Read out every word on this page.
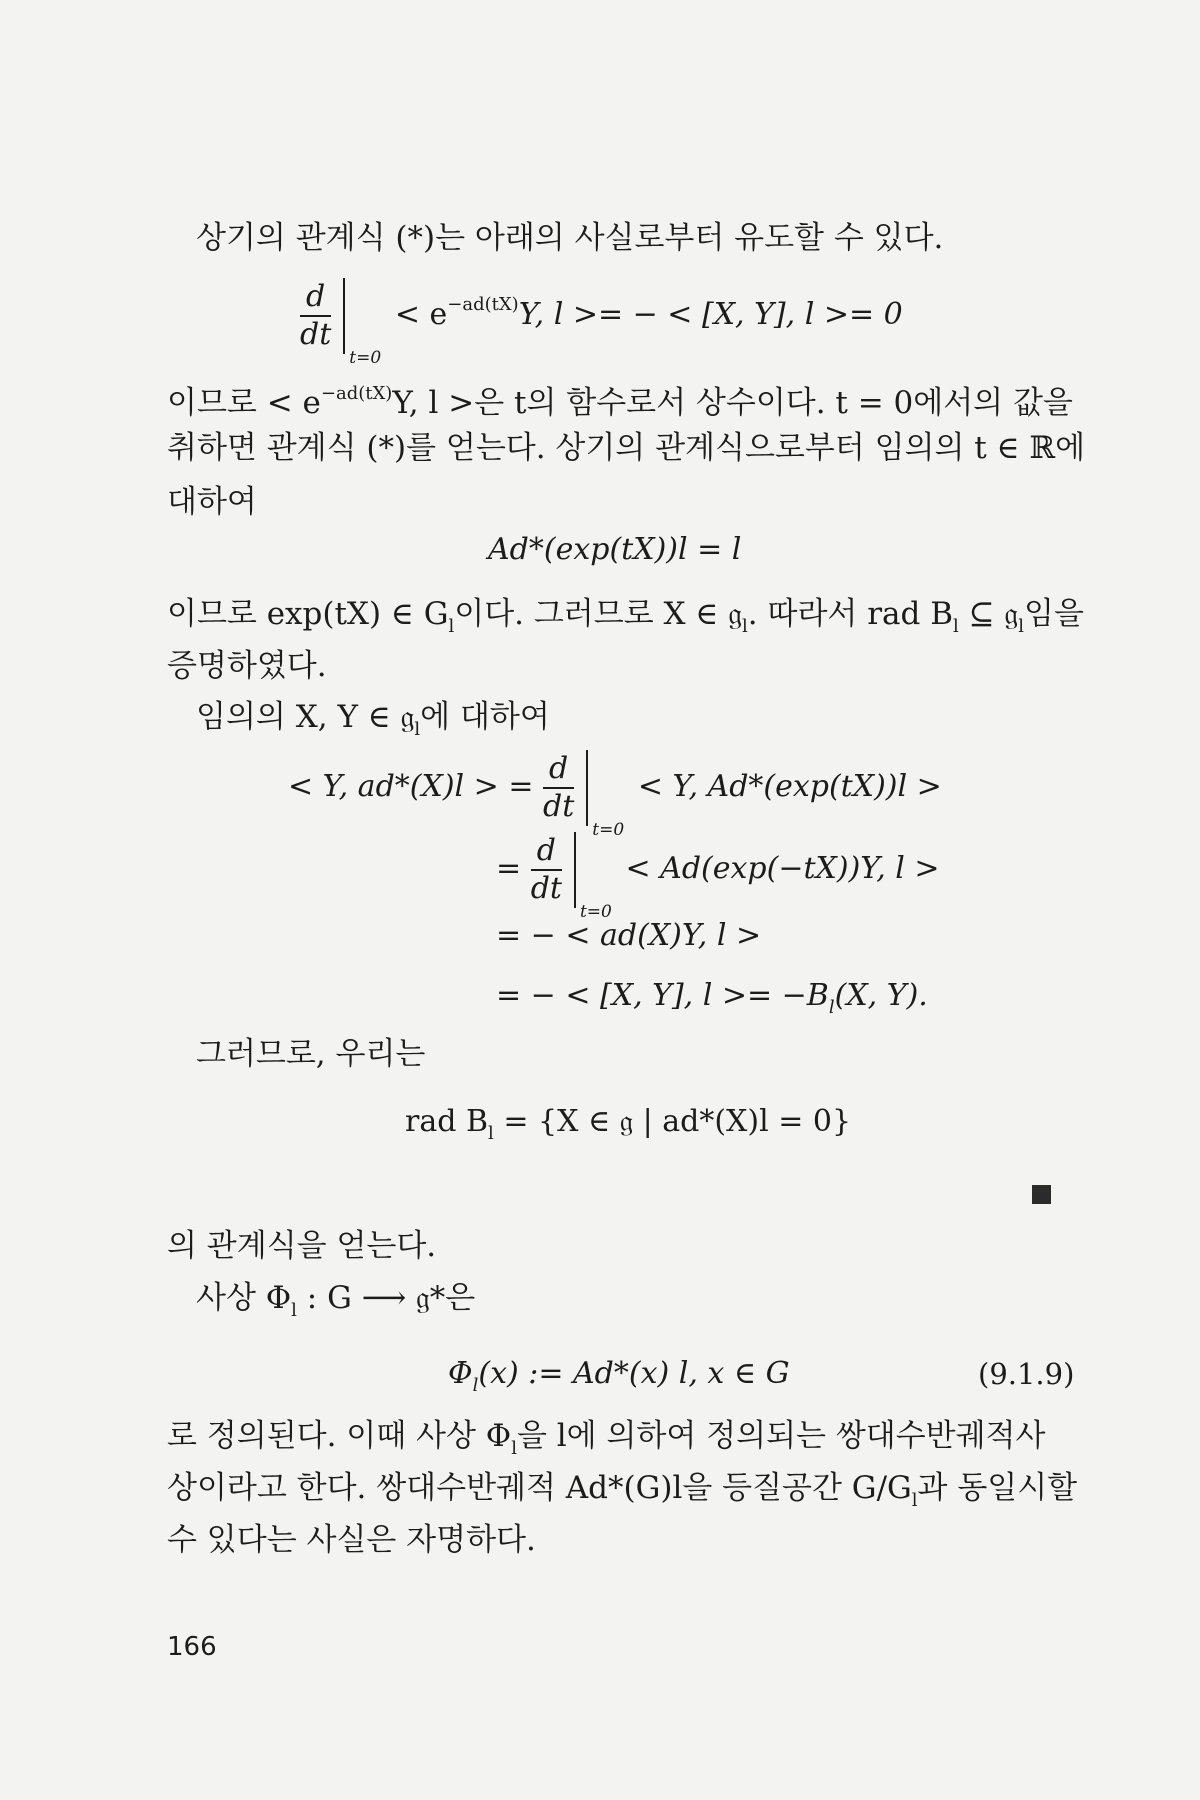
상기의 관계식 (*)는 아래의 사실로부터 유도할 수 있다.
$\frac{d}{dt}$
t=0
< $e^{-ad(tX)}Y$, l >= − < [X, Y], l >= 0
이므로 < $e^{-ad(tX)}Y$, l >은 t의 함수로서 상수이다. t = 0에서의 값을
취하면 관계식 (*)를 얻는다. 상기의 관계식으로부터 임의의 t ∈ ℝ에
대하여
Ad*(exp(tX))l = l
이므로 exp(tX) ∈ $G_l$이다. 그러므로 X ∈ 𝔤$_l$. 따라서 rad $B_l$ ⊆ 𝔤$_l$임을
증명하였다.
임의의 X, Y ∈ 𝔤$_l$에 대하여
< Y, ad*(X)l > = $\frac{d}{dt}$
t=0
< Y, Ad*(exp(tX))l >
= $\frac{d}{dt}$
t=0
< Ad(exp(−tX))Y, l >
= − < ad(X)Y, l >
= − < [X, Y], $l >= -B_l(X$, Y).
그러므로, 우리는
rad $B_l = \{X$ ∈ 𝔤 | ad*(X)l = 0}
의 관계식을 얻는다.
사상 $\Phi_l$ : G ⟶ 𝔤*은
$\Phi_l(x)$ := Ad*(x) l, x ∈ G	(9.1.9)
로 정의된다. 이때 사상 $\Phi_l$을 l에 의하여 정의되는 쌍대수반궤적사
상이라고 한다. 쌍대수반궤적 Ad*(G)l을 등질공간 $G/G_l$과 동일시할
수 있다는 사실은 자명하다.
166
